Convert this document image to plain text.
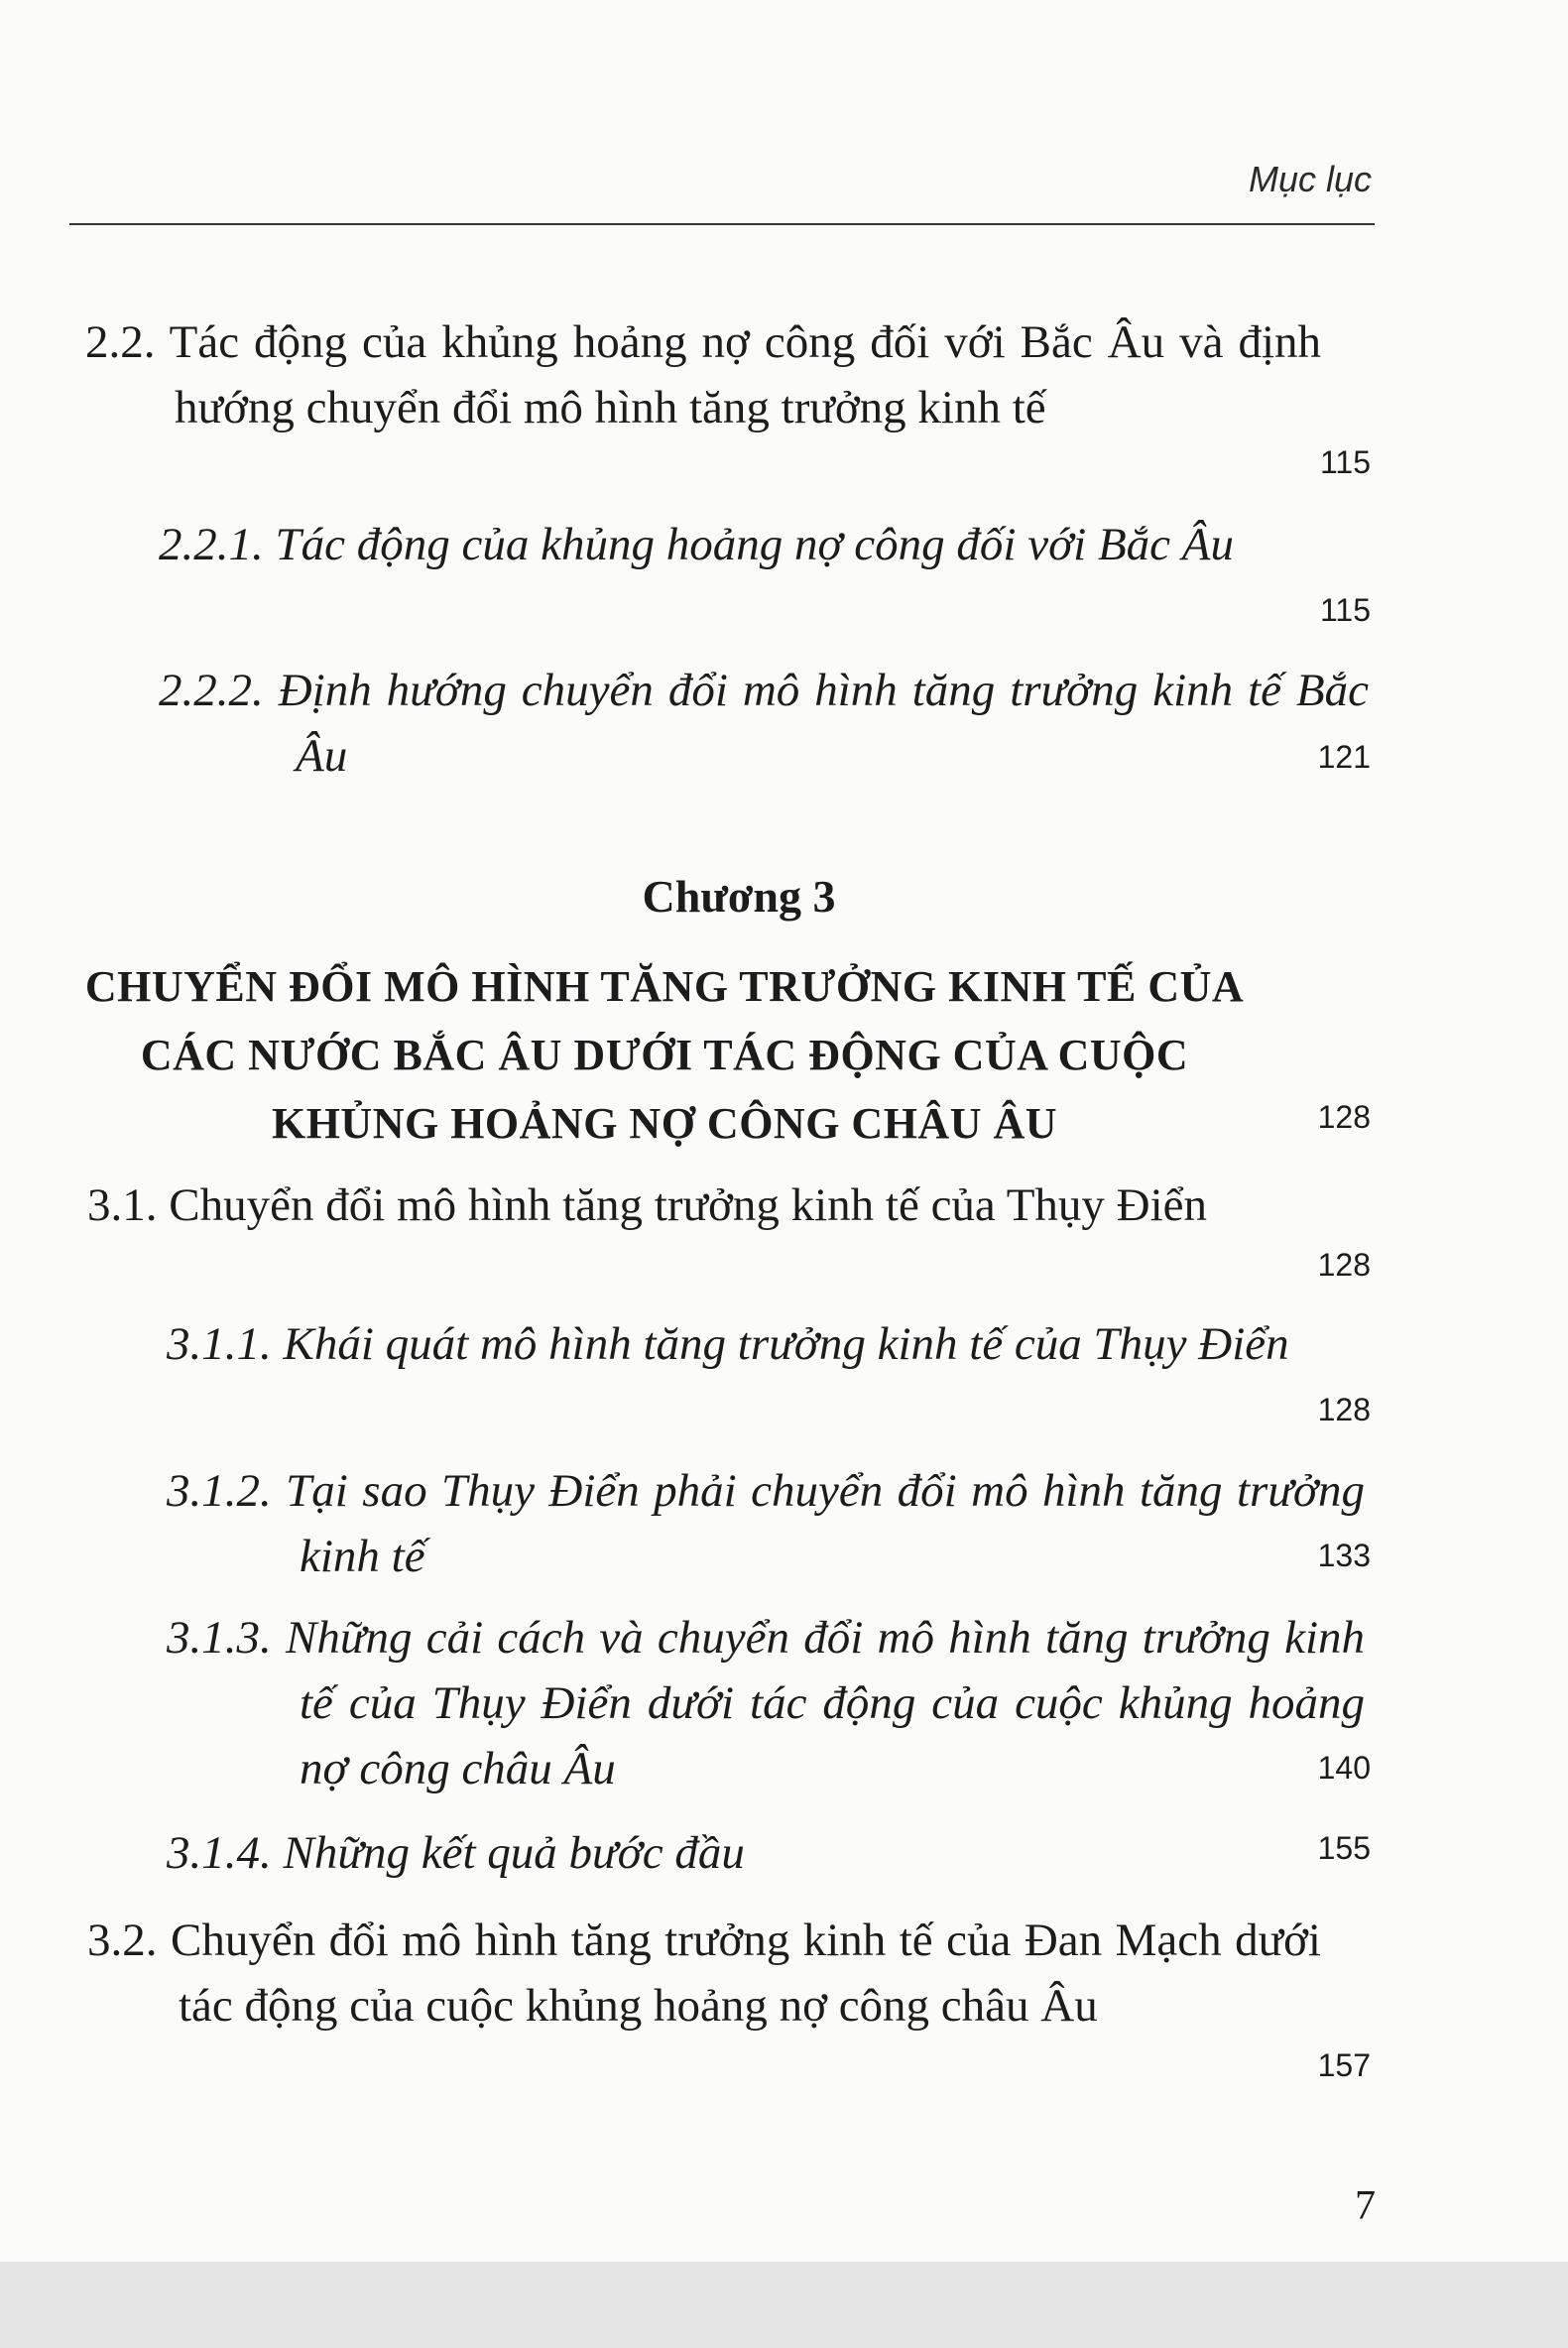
Mục lục
2.2. Tác động của khủng hoảng nợ công đối với Bắc Âu và định hướng chuyển đổi mô hình tăng trưởng kinh tế
115
2.2.1. Tác động của khủng hoảng nợ công đối với Bắc Âu
115
2.2.2. Định hướng chuyển đổi mô hình tăng trưởng kinh tế Bắc Âu	121
Chương 3
CHUYỂN ĐỔI MÔ HÌNH TĂNG TRƯỞNG KINH TẾ CỦA CÁC NƯỚC BẮC ÂU DƯỚI TÁC ĐỘNG CỦA CUỘC KHỦNG HOẢNG NỢ CÔNG CHÂU ÂU	128
3.1. Chuyển đổi mô hình tăng trưởng kinh tế của Thụy Điển
128
3.1.1. Khái quát mô hình tăng trưởng kinh tế của Thụy Điển
128
3.1.2. Tại sao Thụy Điển phải chuyển đổi mô hình tăng trưởng kinh tế	133
3.1.3. Những cải cách và chuyển đổi mô hình tăng trưởng kinh tế của Thụy Điển dưới tác động của cuộc khủng hoảng nợ công châu Âu	140
3.1.4. Những kết quả bước đầu	155
3.2. Chuyển đổi mô hình tăng trưởng kinh tế của Đan Mạch dưới tác động của cuộc khủng hoảng nợ công châu Âu
157
7
